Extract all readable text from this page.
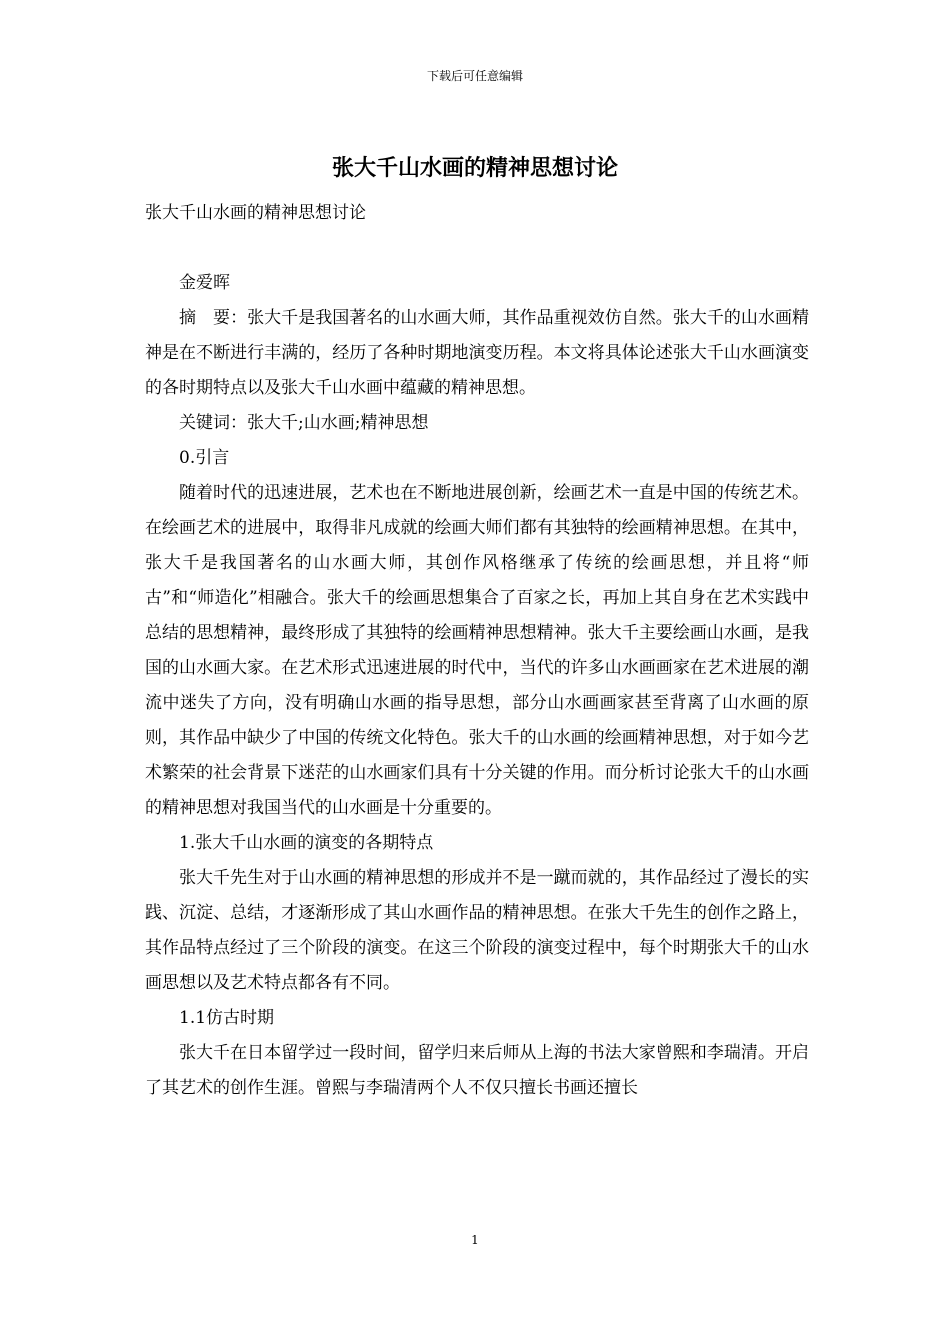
下载后可任意编辑
张大千山水画的精神思想讨论

张大千山水画的精神思想讨论

金爱晖

摘　要：张大千是我国著名的山水画大师，其作品重视效仿自然。张大千的山水画精神是在不断进行丰满的，经历了各种时期地演变历程。本文将具体论述张大千山水画演变的各时期特点以及张大千山水画中蕴藏的精神思想。

关键词：张大千;山水画;精神思想

0.引言

随着时代的迅速进展，艺术也在不断地进展创新，绘画艺术一直是中国的传统艺术。在绘画艺术的进展中，取得非凡成就的绘画大师们都有其独特的绘画精神思想。在其中，张大千是我国著名的山水画大师，其创作风格继承了传统的绘画思想，并且将“师古”和“师造化”相融合。张大千的绘画思想集合了百家之长，再加上其自身在艺术实践中总结的思想精神，最终形成了其独特的绘画精神思想精神。张大千主要绘画山水画，是我国的山水画大家。在艺术形式迅速进展的时代中，当代的许多山水画画家在艺术进展的潮流中迷失了方向，没有明确山水画的指导思想，部分山水画画家甚至背离了山水画的原则，其作品中缺少了中国的传统文化特色。张大千的山水画的绘画精神思想，对于如今艺术繁荣的社会背景下迷茫的山水画家们具有十分关键的作用。而分析讨论张大千的山水画的精神思想对我国当代的山水画是十分重要的。

1.张大千山水画的演变的各期特点

张大千先生对于山水画的精神思想的形成并不是一蹴而就的，其作品经过了漫长的实践、沉淀、总结，才逐渐形成了其山水画作品的精神思想。在张大千先生的创作之路上，其作品特点经过了三个阶段的演变。在这三个阶段的演变过程中，每个时期张大千的山水画思想以及艺术特点都各有不同。

1.1仿古时期

张大千在日本留学过一段时间，留学归来后师从上海的书法大家曾熙和李瑞清。开启了其艺术的创作生涯。曾熙与李瑞清两个人不仅只擅长书画还擅长

1
